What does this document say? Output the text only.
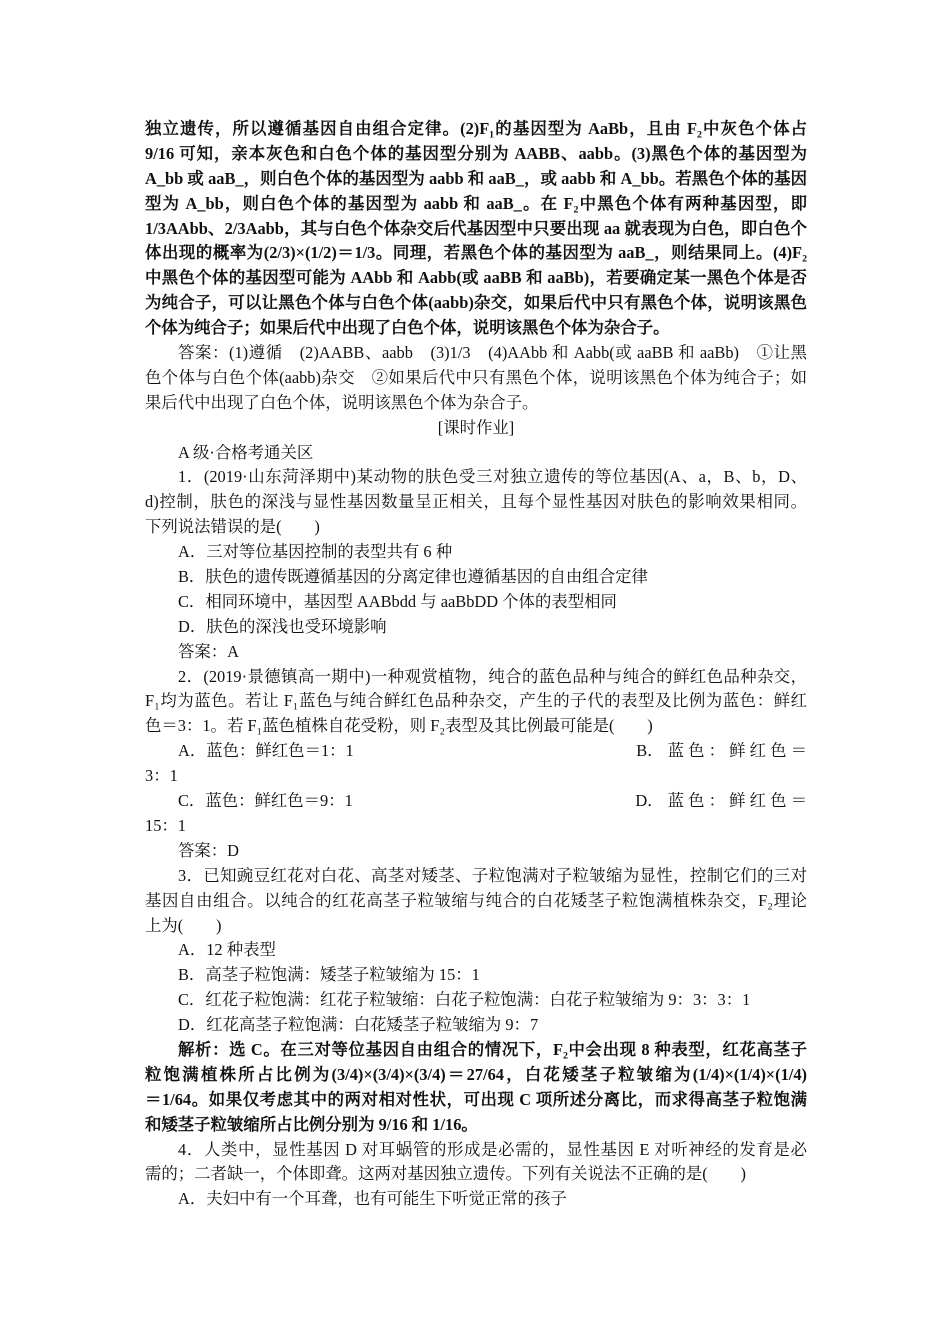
独立遗传，所以遵循基因自由组合定律。(2)F₁的基因型为 AaBb，且由 F₂中灰色个体占
9/16 可知，亲本灰色和白色个体的基因型分别为 AABB、aabb。(3)黑色个体的基因型为
A_bb 或 aaB_，则白色个体的基因型为 aabb 和 aaB_，或 aabb 和 A_bb。若黑色个体的基因
型为 A_bb，则白色个体的基因型为 aabb 和 aaB_。在 F₂中黑色个体有两种基因型，即
1/3AAbb、2/3Aabb，其与白色个体杂交后代基因型中只要出现 aa 就表现为白色，即白色个
体出现的概率为(2/3)×(1/2)＝1/3。同理，若黑色个体的基因型为 aaB_，则结果同上。(4)F₂
中黑色个体的基因型可能为 AAbb 和 Aabb(或 aaBB 和 aaBb)，若要确定某一黑色个体是否
为纯合子，可以让黑色个体与白色个体(aabb)杂交，如果后代中只有黑色个体，说明该黑色
个体为纯合子；如果后代中出现了白色个体，说明该黑色个体为杂合子。
答案：(1)遵循　(2)AABB、aabb　(3)1/3　(4)AAbb 和 Aabb(或 aaBB 和 aaBb)　①让黑
色个体与白色个体(aabb)杂交　②如果后代中只有黑色个体，说明该黑色个体为纯合子；如
果后代中出现了白色个体，说明该黑色个体为杂合子。
[课时作业]
A 级·合格考通关区
1．(2019·山东菏泽期中)某动物的肤色受三对独立遗传的等位基因(A、a，B、b，D、
d)控制，肤色的深浅与显性基因数量呈正相关，且每个显性基因对肤色的影响效果相同。
下列说法错误的是(　　)
A．三对等位基因控制的表型共有 6 种
B．肤色的遗传既遵循基因的分离定律也遵循基因的自由组合定律
C．相同环境中，基因型 AABbdd 与 aaBbDD 个体的表型相同
D．肤色的深浅也受环境影响
答案：A
2．(2019·景德镇高一期中)一种观赏植物，纯合的蓝色品种与纯合的鲜红色品种杂交，
F₁均为蓝色。若让 F₁蓝色与纯合鲜红色品种杂交，产生的子代的表型及比例为蓝色：鲜红
色＝3：1。若 F₁蓝色植株自花受粉，则 F₂表型及其比例最可能是(　　)
A．蓝色：鲜红色＝1：1	B． 蓝 色 ： 鲜 红 色 ＝
3：1
C．蓝色：鲜红色＝9：1	D． 蓝 色 ： 鲜 红 色 ＝
15：1
答案：D
3．已知豌豆红花对白花、高茎对矮茎、子粒饱满对子粒皱缩为显性，控制它们的三对
基因自由组合。以纯合的红花高茎子粒皱缩与纯合的白花矮茎子粒饱满植株杂交，F₂理论
上为(　　)
A．12 种表型
B．高茎子粒饱满：矮茎子粒皱缩为 15：1
C．红花子粒饱满：红花子粒皱缩：白花子粒饱满：白花子粒皱缩为 9：3：3：1
D．红花高茎子粒饱满：白花矮茎子粒皱缩为 9：7
解析：选 C。在三对等位基因自由组合的情况下，F₂中会出现 8 种表型，红花高茎子
粒饱满植株所占比例为(3/4)×(3/4)×(3/4)＝27/64，白花矮茎子粒皱缩为(1/4)×(1/4)×(1/4)
＝1/64。如果仅考虑其中的两对相对性状，可出现 C 项所述分离比，而求得高茎子粒饱满
和矮茎子粒皱缩所占比例分别为 9/16 和 1/16。
4．人类中，显性基因 D 对耳蜗管的形成是必需的，显性基因 E 对听神经的发育是必
需的；二者缺一，个体即聋。这两对基因独立遗传。下列有关说法不正确的是(　　)
A．夫妇中有一个耳聋，也有可能生下听觉正常的孩子
